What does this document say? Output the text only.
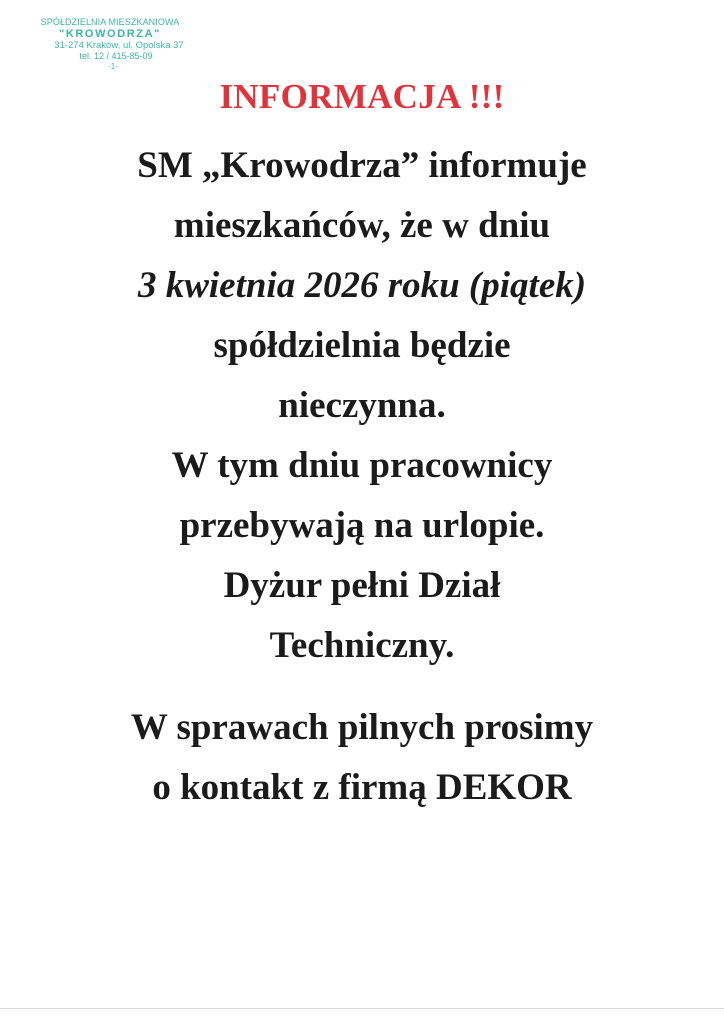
SPÓŁDZIELNIA MIESZKANIOWA
"KROWODRZA"
31-274 Kraków, ul. Opolska 37
tel. 12 / 415-85-09
-1-
INFORMACJA !!!
SM „Krowodrza” informuje
mieszkańców, że w dniu
3 kwietnia 2026 roku (piątek)
spółdzielnia będzie
nieczynna.
W tym dniu pracownicy
przebywają na urlopie.
Dyżur pełni Dział
Techniczny.
W sprawach pilnych prosimy
o kontakt z firmą DEKOR
